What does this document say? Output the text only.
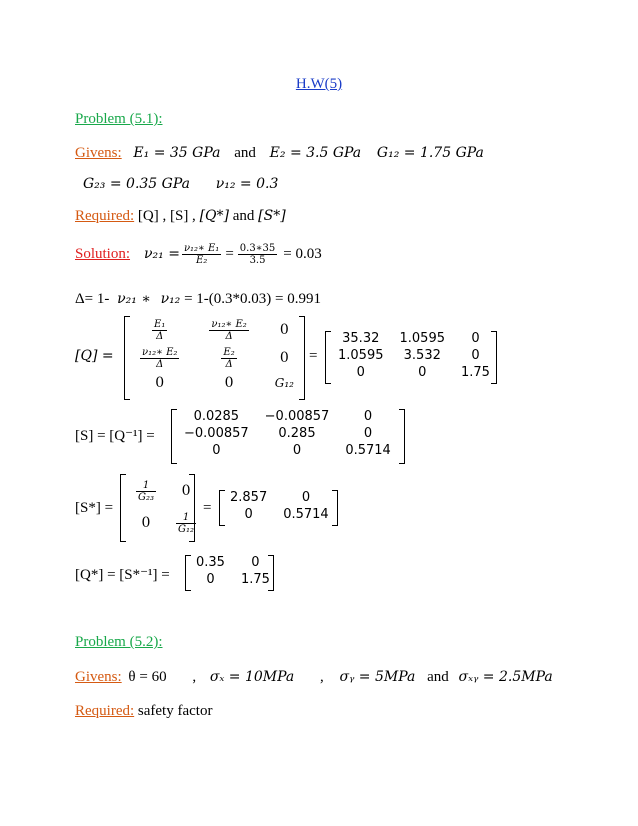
H.W(5)
Problem (5.1):
Givens: E₁ = 35 GPa and E₂ = 3.5 GPa G₁₂ = 1.75 GPa
G₂₃ = 0.35 GPa ν₁₂ = 0.3
Required: [Q] , [S] , [Q*] and [S*]
Solution: $\nu_{21} = \frac{\text{ν₁₂∗ E₁}}{\text{E₂}} = \frac{0.3∗35}{3.5} = 0.03$
Δ= 1- ν₂₁ ∗ ν₁₂ = 1-(0.3*0.03) = 0.991
[Q] =
$\frac{\text{E₁}}{\Delta}$	$\frac{\text{ν₁₂∗ E₂}}{\Delta}$	0

$\frac{\text{ν₁₂∗ E₂}}{\Delta}$	$\frac{\text{E₂}}{\Delta}$	0
0	0	G₁₂
=
35.32	1.0595	0
1.0595	3.532	0
0	0	1.75
[S] = [Q⁻¹] =
0.0285	−0.00857	0
−0.00857	0.285	0
0	0	0.5714
[S*] =
$\frac{1}{\text{G₂₃}}$	0
0	$\frac{1}{\text{G₁₂}}$
=
2.857	0
0	0.5714
[Q*] = [S*⁻¹] =
0.35	0
0	1.75
Problem (5.2):
Givens: θ = 60 , σₓ = 10MPa , σᵧ = 5MPa and σₓᵧ = 2.5MPa
Required: safety factor
